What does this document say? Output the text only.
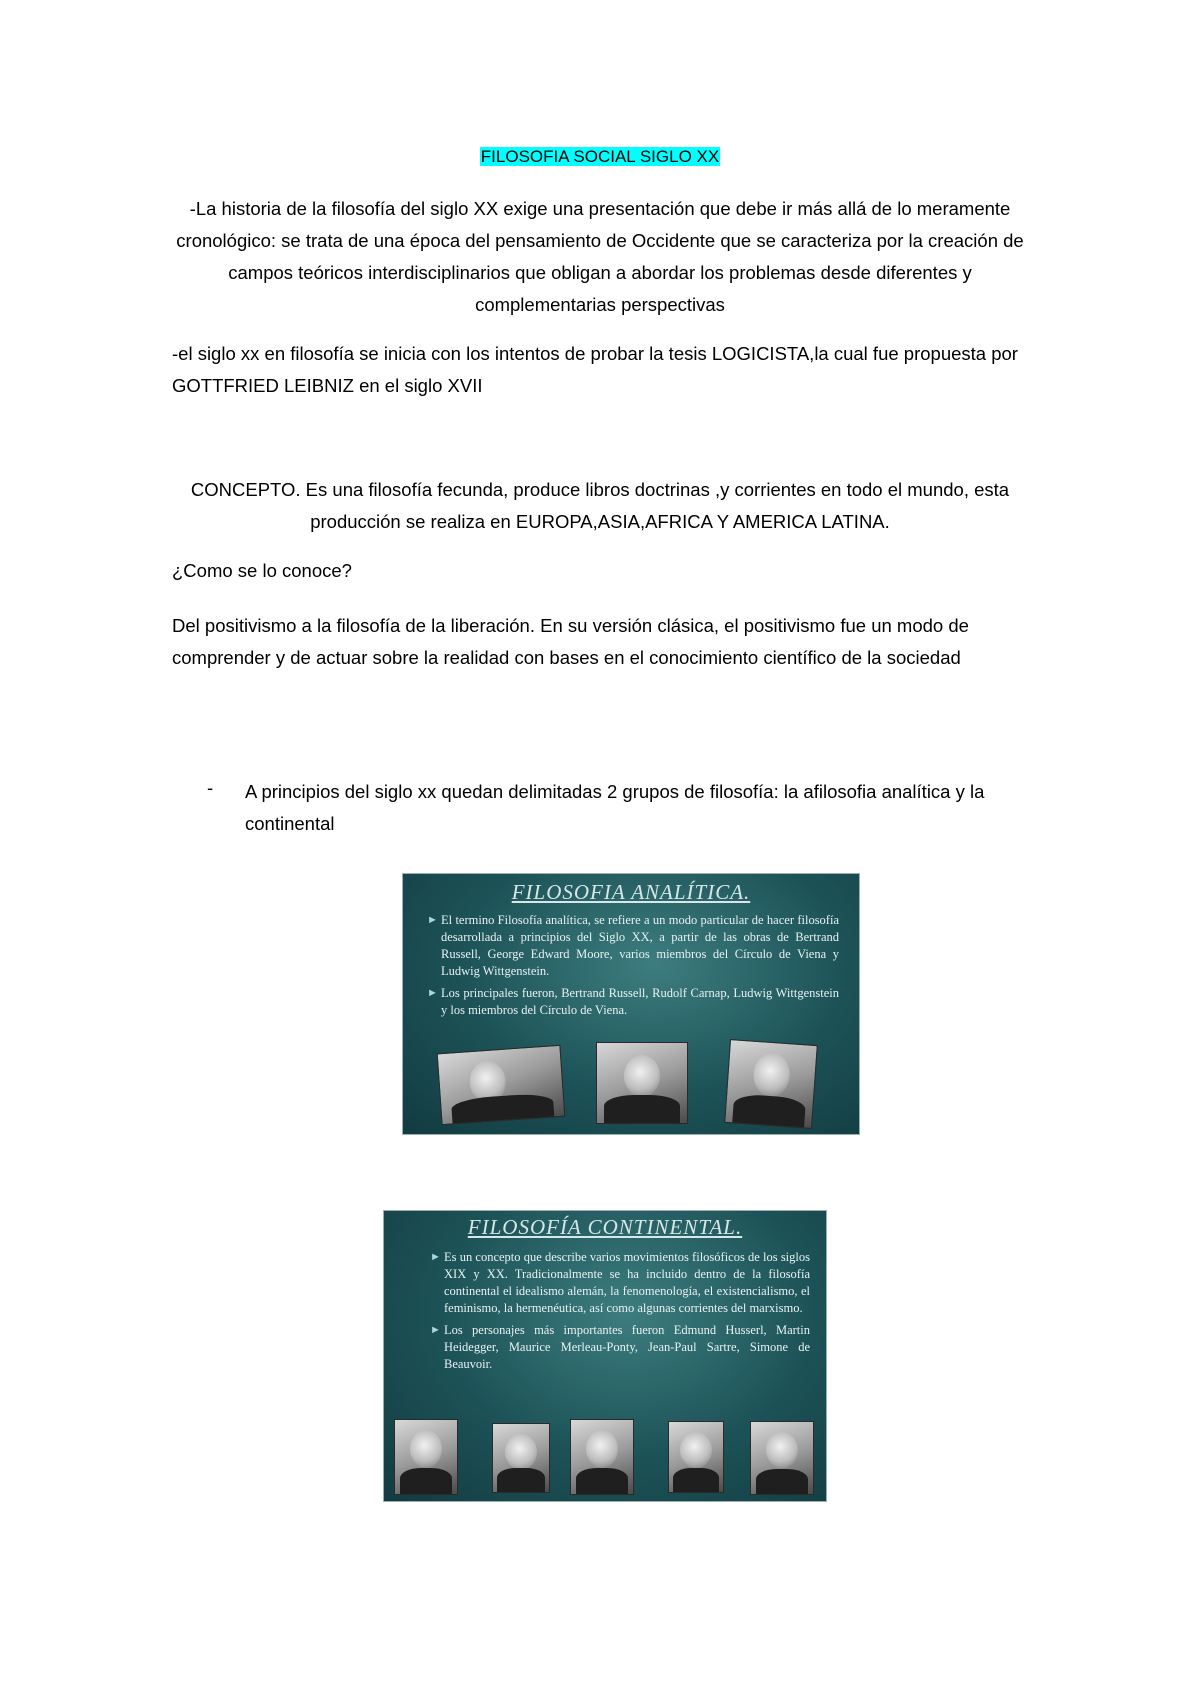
FILOSOFIA SOCIAL SIGLO XX
-La historia de la filosofía del siglo XX exige una presentación que debe ir más allá de lo meramente cronológico: se trata de una época del pensamiento de Occidente que se caracteriza por la creación de campos teóricos interdisciplinarios que obligan a abordar los problemas desde diferentes y complementarias perspectivas
-el siglo xx en filosofía se inicia con los intentos de probar la tesis LOGICISTA,la cual fue propuesta por GOTTFRIED LEIBNIZ en el siglo XVII
CONCEPTO. Es una filosofía fecunda, produce libros doctrinas ,y corrientes en todo el mundo, esta producción se realiza en EUROPA,ASIA,AFRICA Y AMERICA LATINA.
¿Como se lo conoce?
Del positivismo a la filosofía de la liberación. En su versión clásica, el positivismo fue un modo de comprender y de actuar sobre la realidad con bases en el conocimiento científico de la sociedad
- A principios del siglo xx quedan delimitadas 2 grupos de filosofía: la afilosofia analítica y la continental
FILOSOFIA ANALÍTICA.
► El termino Filosofía analítica, se refiere a un modo particular de hacer filosofía desarrollada a principios del Siglo XX, a partir de las obras de Bertrand Russell, George Edward Moore, varios miembros del Círculo de Viena y Ludwig Wittgenstein.
► Los principales fueron, Bertrand Russell, Rudolf Carnap, Ludwig Wittgenstein y los miembros del Círculo de Viena.
FILOSOFÍA CONTINENTAL.
► Es un concepto que describe varios movimientos filosóficos de los siglos XIX y XX. Tradicionalmente se ha incluido dentro de la filosofía continental el idealismo alemán, la fenomenología, el existencialismo, el feminismo, la hermenéutica, así como algunas corrientes del marxismo.
► Los personajes más importantes fueron Edmund Husserl, Martin Heidegger, Maurice Merleau-Ponty, Jean-Paul Sartre, Simone de Beauvoir.
